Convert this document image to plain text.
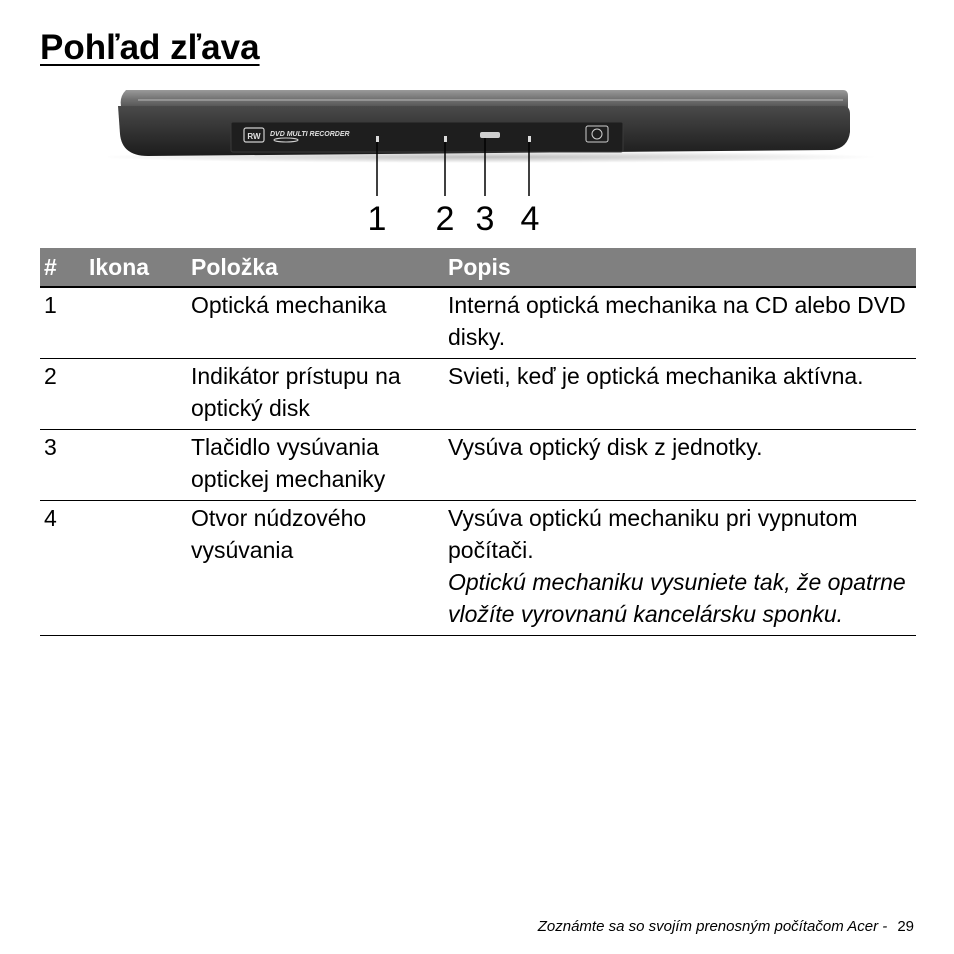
Pohľad zľava
RW DVD MULTI RECORDER
1 2 3 4
#	Ikona	Položka	Popis
1		Optická mechanika	Interná optická mechanika na CD alebo DVD disky.
2		Indikátor prístupu na optický disk	Svieti, keď je optická mechanika aktívna.
3		Tlačidlo vysúvania optickej mechaniky	Vysúva optický disk z jednotky.
4		Otvor núdzového vysúvania	Vysúva optickú mechaniku pri vypnutom počítači.
Optickú mechaniku vysuniete tak, že opatrne vložíte vyrovnanú kancelársku sponku.
Zoznámte sa so svojím prenosným počítačom Acer - 29
